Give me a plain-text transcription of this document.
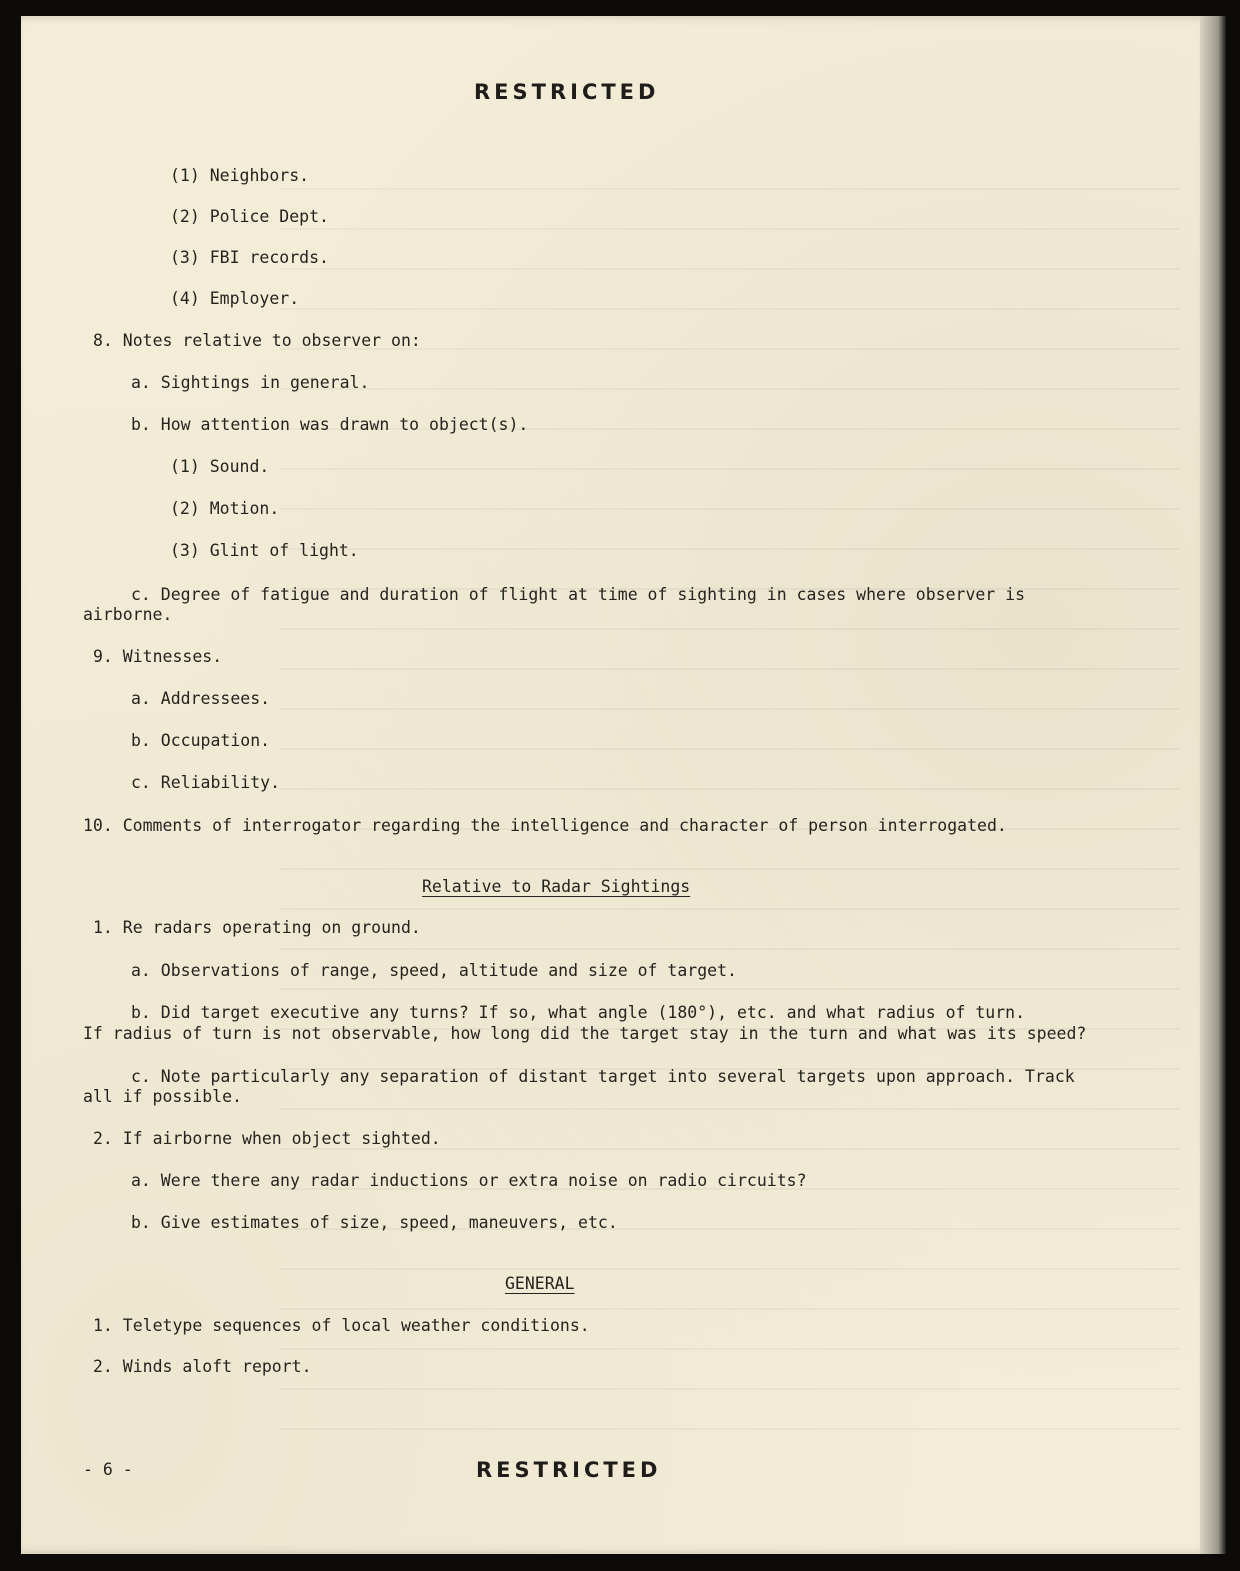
RESTRICTED
(1) Neighbors.
(2) Police Dept.
(3) FBI records.
(4) Employer.
8. Notes relative to observer on:
a. Sightings in general.
b. How attention was drawn to object(s).
(1) Sound.
(2) Motion.
(3) Glint of light.
c. Degree of fatigue and duration of flight at time of sighting in cases where observer is
airborne.
9. Witnesses.
a. Addressees.
b. Occupation.
c. Reliability.
10. Comments of interrogator regarding the intelligence and character of person interrogated.
Relative to Radar Sightings
1. Re radars operating on ground.
a. Observations of range, speed, altitude and size of target.
b. Did target executive any turns? If so, what angle (180°), etc. and what radius of turn.
If radius of turn is not observable, how long did the target stay in the turn and what was its speed?
c. Note particularly any separation of distant target into several targets upon approach. Track
all if possible.
2. If airborne when object sighted.
a. Were there any radar inductions or extra noise on radio circuits?
b. Give estimates of size, speed, maneuvers, etc.
GENERAL
1. Teletype sequences of local weather conditions.
2. Winds aloft report.
- 6 -	RESTRICTED
